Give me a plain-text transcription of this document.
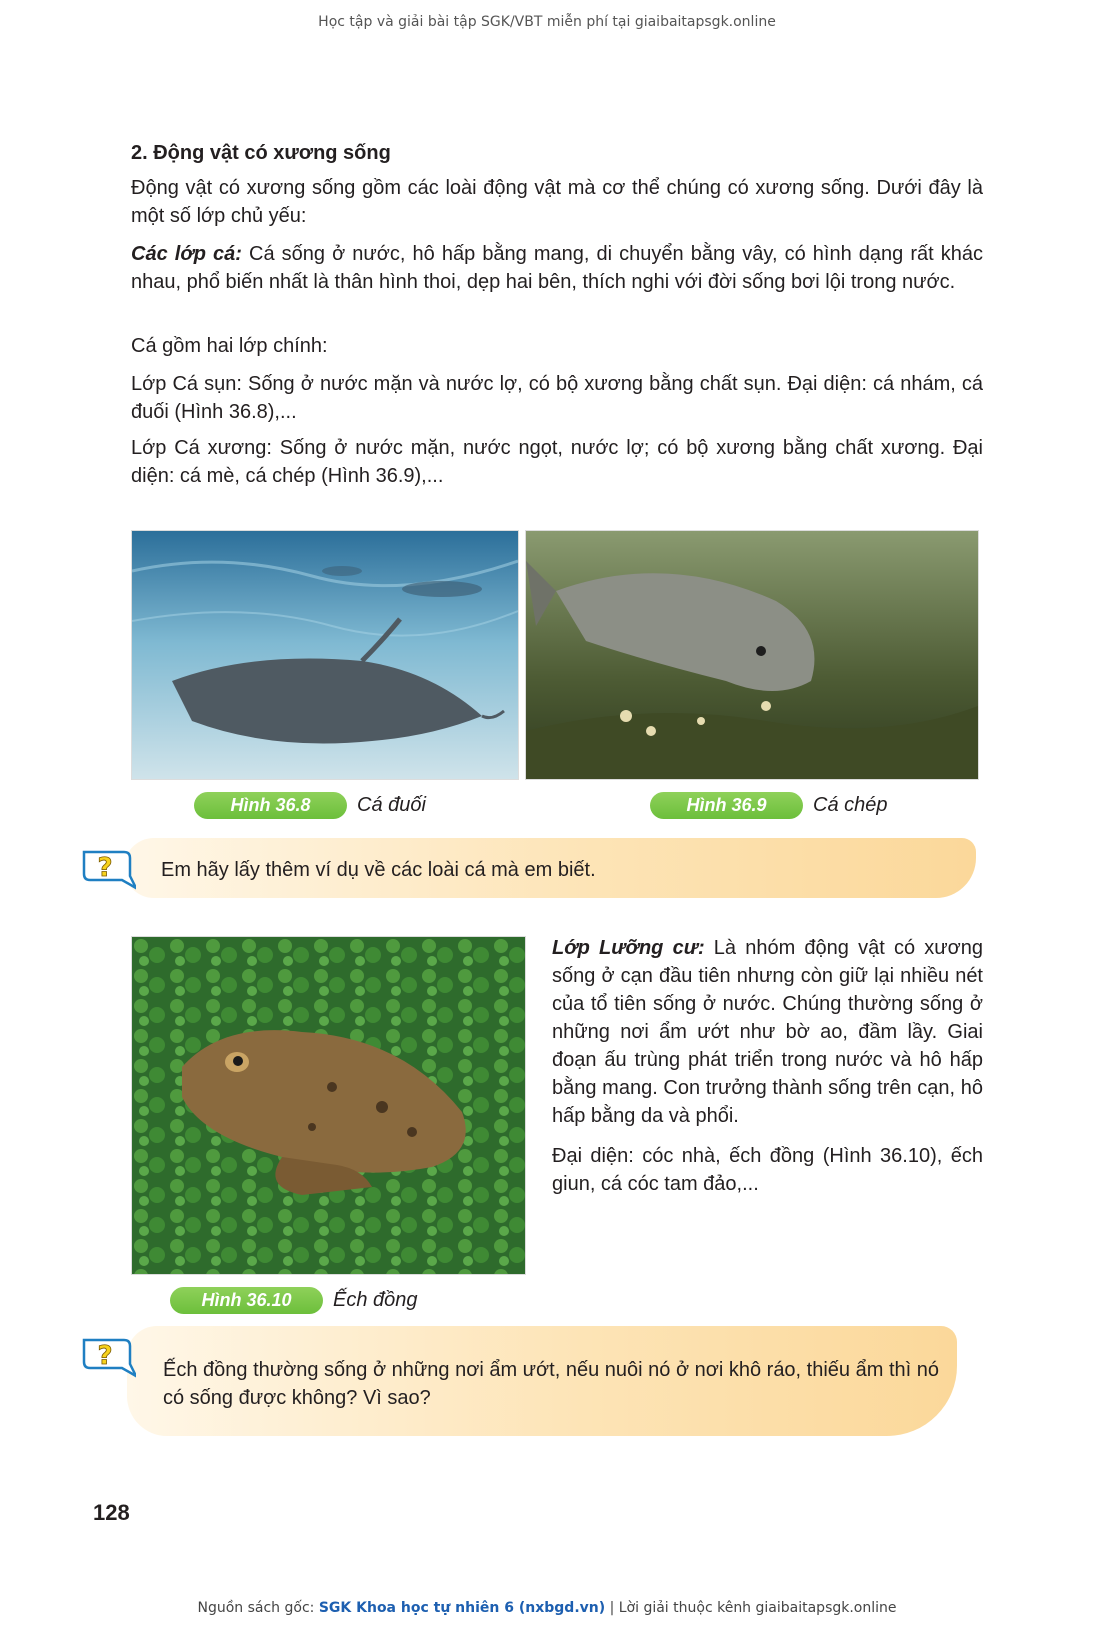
Học tập và giải bài tập SGK/VBT miễn phí tại giaibaitapsgk.online
2. Động vật có xương sống
Động vật có xương sống gồm các loài động vật mà cơ thể chúng có xương sống. Dưới đây là một số lớp chủ yếu:
Các lớp cá: Cá sống ở nước, hô hấp bằng mang, di chuyển bằng vây, có hình dạng rất khác nhau, phổ biến nhất là thân hình thoi, dẹp hai bên, thích nghi với đời sống bơi lội trong nước.
Cá gồm hai lớp chính:
Lớp Cá sụn: Sống ở nước mặn và nước lợ, có bộ xương bằng chất sụn. Đại diện: cá nhám, cá đuối (Hình 36.8),...
Lớp Cá xương: Sống ở nước mặn, nước ngọt, nước lợ; có bộ xương bằng chất xương. Đại diện: cá mè, cá chép (Hình 36.9),...
Hình 36.8	Cá đuối	Hình 36.9	Cá chép
? Em hãy lấy thêm ví dụ về các loài cá mà em biết.
Lớp Lưỡng cư: Là nhóm động vật có xương sống ở cạn đầu tiên nhưng còn giữ lại nhiều nét của tổ tiên sống ở nước. Chúng thường sống ở những nơi ẩm ướt như bờ ao, đầm lầy. Giai đoạn ấu trùng phát triển trong nước và hô hấp bằng mang. Con trưởng thành sống trên cạn, hô hấp bằng da và phổi.
Đại diện: cóc nhà, ếch đồng (Hình 36.10), ếch giun, cá cóc tam đảo,...
Hình 36.10	Ếch đồng
?	Ếch đồng thường sống ở những nơi ẩm ướt, nếu nuôi nó ở nơi khô ráo, thiếu ẩm thì nó có sống được không? Vì sao?
128
Nguồn sách gốc: SGK Khoa học tự nhiên 6 (nxbgd.vn) | Lời giải thuộc kênh giaibaitapsgk.online
